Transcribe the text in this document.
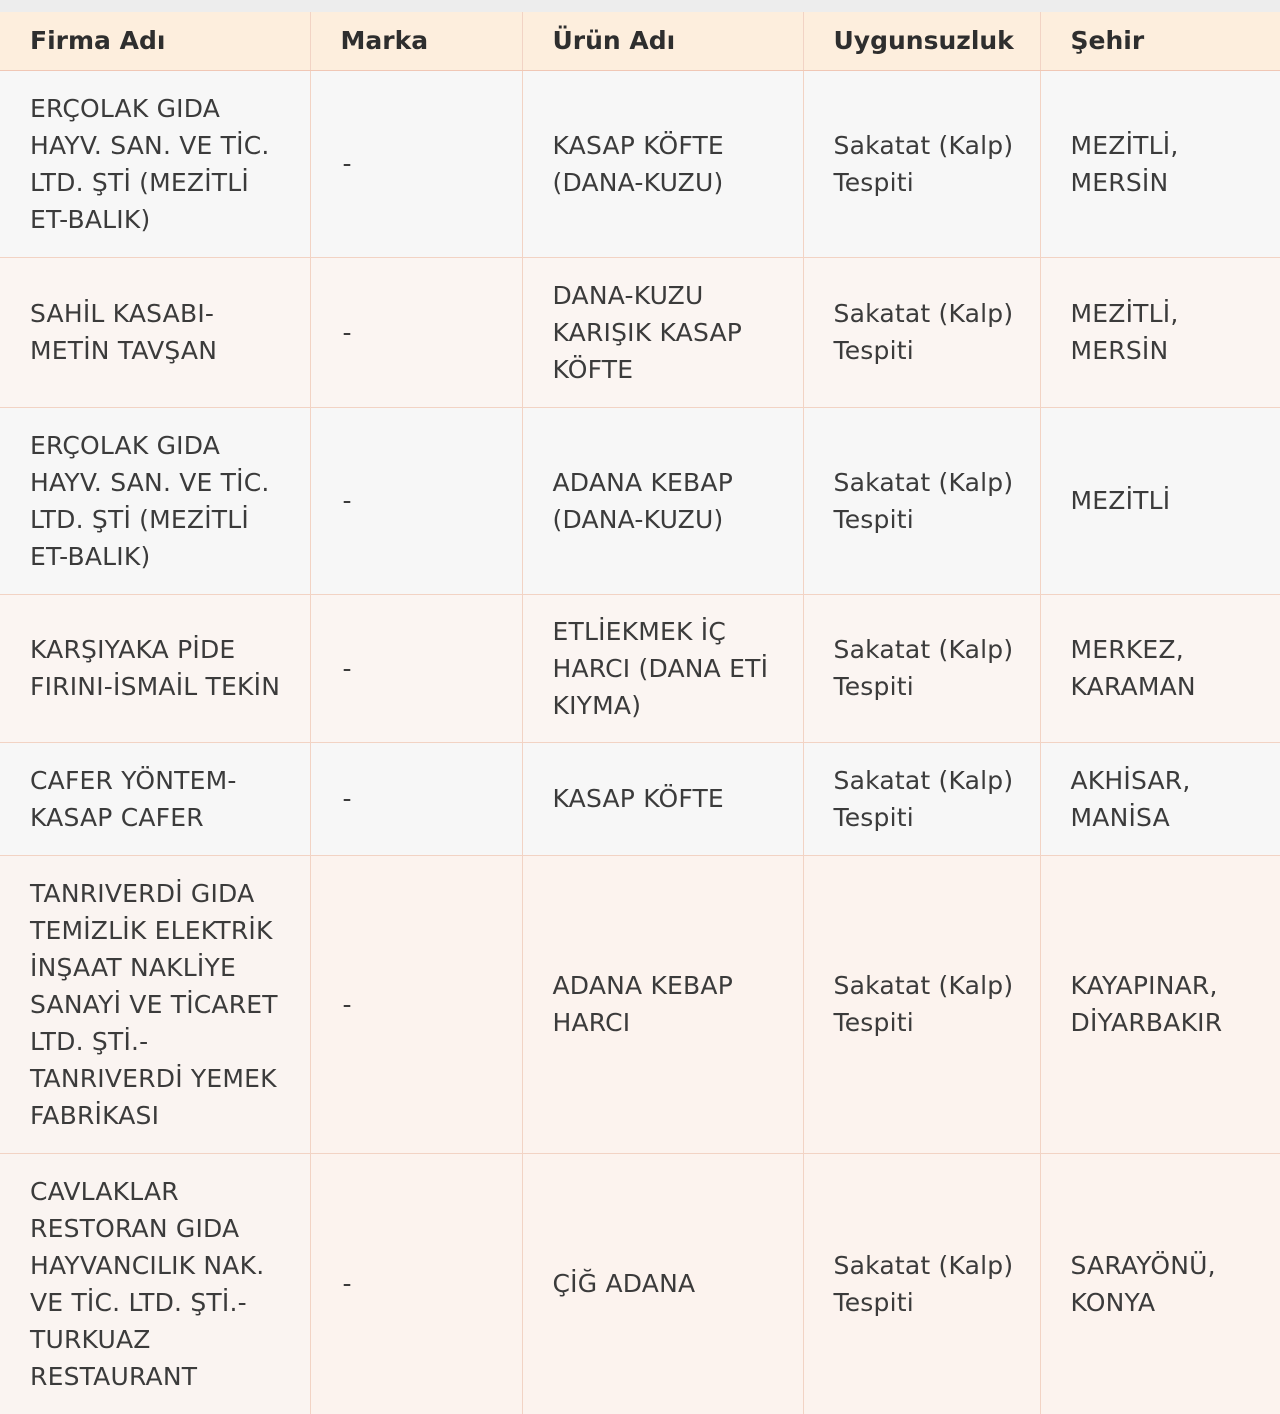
Firma Adı	Marka	Ürün Adı	Uygunsuzluk	Şehir
ERÇOLAK GIDA HAYV. SAN. VE TİC. LTD. ŞTİ (MEZİTLİ ET-BALIK)	-	KASAP KÖFTE (DANA-KUZU)	Sakatat (Kalp) Tespiti	MEZİTLİ, MERSİN
SAHİL KASABI-METİN TAVŞAN	-	DANA-KUZU KARIŞIK KASAP KÖFTE	Sakatat (Kalp) Tespiti	MEZİTLİ, MERSİN
ERÇOLAK GIDA HAYV. SAN. VE TİC. LTD. ŞTİ (MEZİTLİ ET-BALIK)	-	ADANA KEBAP (DANA-KUZU)	Sakatat (Kalp) Tespiti	MEZİTLİ
KARŞIYAKA PİDE FIRINI-İSMAİL TEKİN	-	ETLİEKMEK İÇ HARCI (DANA ETİ KIYMA)	Sakatat (Kalp) Tespiti	MERKEZ, KARAMAN
CAFER YÖNTEM-KASAP CAFER	-	KASAP KÖFTE	Sakatat (Kalp) Tespiti	AKHİSAR, MANİSA
TANRIVERDİ GIDA TEMİZLİK ELEKTRİK İNŞAAT NAKLİYE SANAYİ VE TİCARET LTD. ŞTİ.-TANRIVERDİ YEMEK FABRİKASI	-	ADANA KEBAP HARCI	Sakatat (Kalp) Tespiti	KAYAPINAR, DİYARBAKIR
CAVLAKLAR RESTORAN GIDA HAYVANCILIK NAK. VE TİC. LTD. ŞTİ.-TURKUAZ RESTAURANT	-	ÇİĞ ADANA	Sakatat (Kalp) Tespiti	SARAYÖNÜ, KONYA
